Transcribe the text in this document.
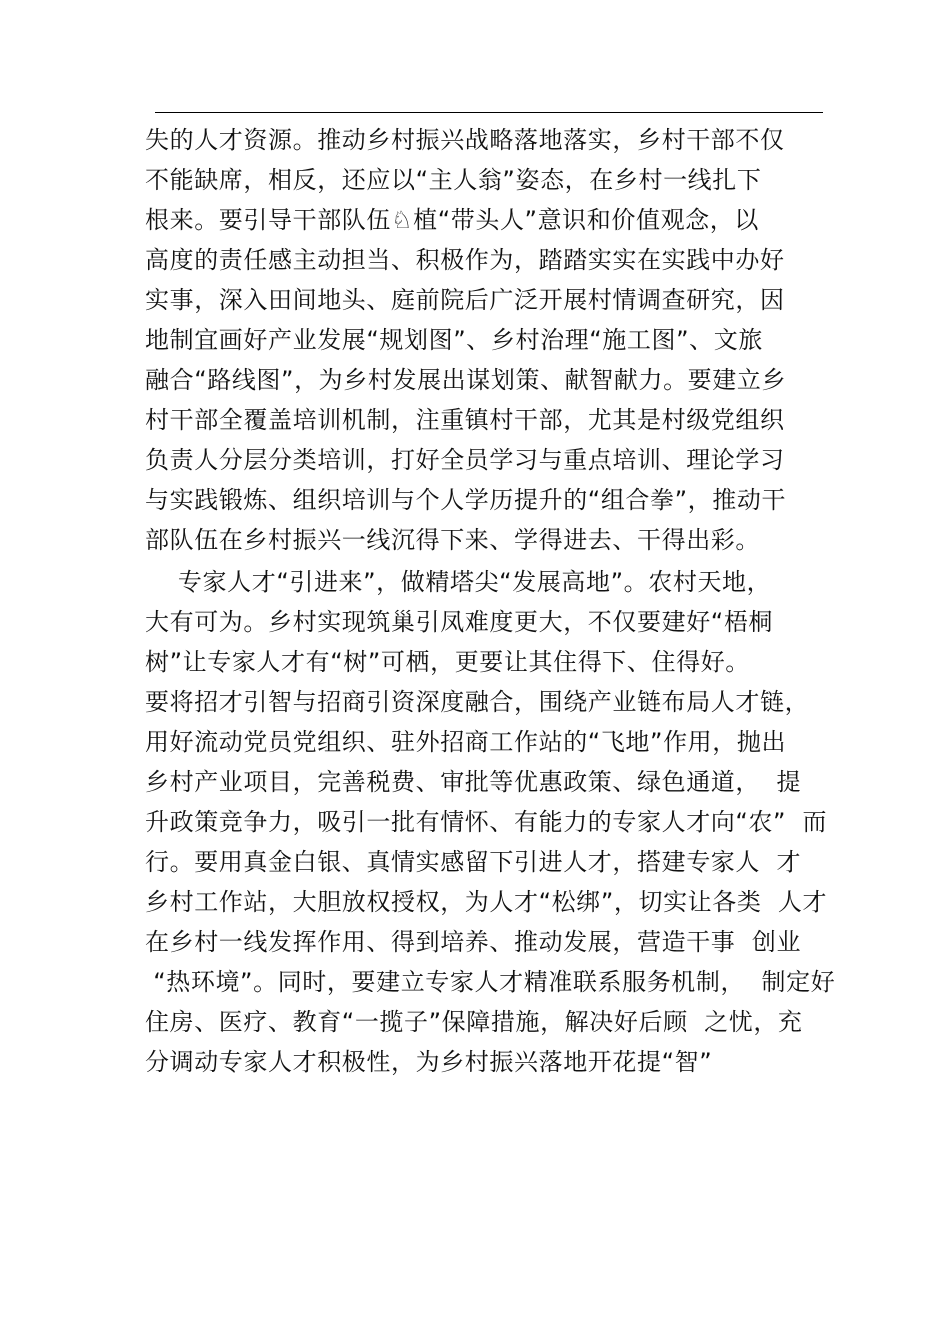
失的人才资源。推动乡村振兴战略落地落实，乡村干部不仅
不能缺席，相反，还应以“主人翁”姿态，在乡村一线扎下
根来。要引导干部队伍♘植“带头人”意识和价值观念，以
高度的责任感主动担当、积极作为，踏踏实实在实践中办好
实事，深入田间地头、庭前院后广泛开展村情调查研究，因
地制宜画好产业发展“规划图”、乡村治理“施工图”、文旅
融合“路线图”，为乡村发展出谋划策、献智献力。要建立乡
村干部全覆盖培训机制，注重镇村干部，尤其是村级党组织
负责人分层分类培训，打好全员学习与重点培训、理论学习
与实践锻炼、组织培训与个人学历提升的“组合拳”，推动干
部队伍在乡村振兴一线沉得下来、学得进去、干得出彩。
专家人才“引进来”，做精塔尖“发展高地”。农村天地，
大有可为。乡村实现筑巢引凤难度更大，不仅要建好“梧桐
树”让专家人才有“树”可栖，更要让其住得下、住得好。
要将招才引智与招商引资深度融合，围绕产业链布局人才链，
用好流动党员党组织、驻外招商工作站的“飞地”作用，抛出
乡村产业项目，完善税费、审批等优惠政策、绿色通道，  提
升政策竞争力，吸引一批有情怀、有能力的专家人才向“农”  而
行。要用真金白银、真情实感留下引进人才，搭建专家人  才
乡村工作站，大胆放权授权，为人才“松绑”，切实让各类  人才
在乡村一线发挥作用、得到培养、推动发展，营造干事  创业
“热环境”。同时，要建立专家人才精准联系服务机制，  制定好
住房、医疗、教育“一揽子”保障措施，解决好后顾  之忧，充
分调动专家人才积极性，为乡村振兴落地开花提“智”
